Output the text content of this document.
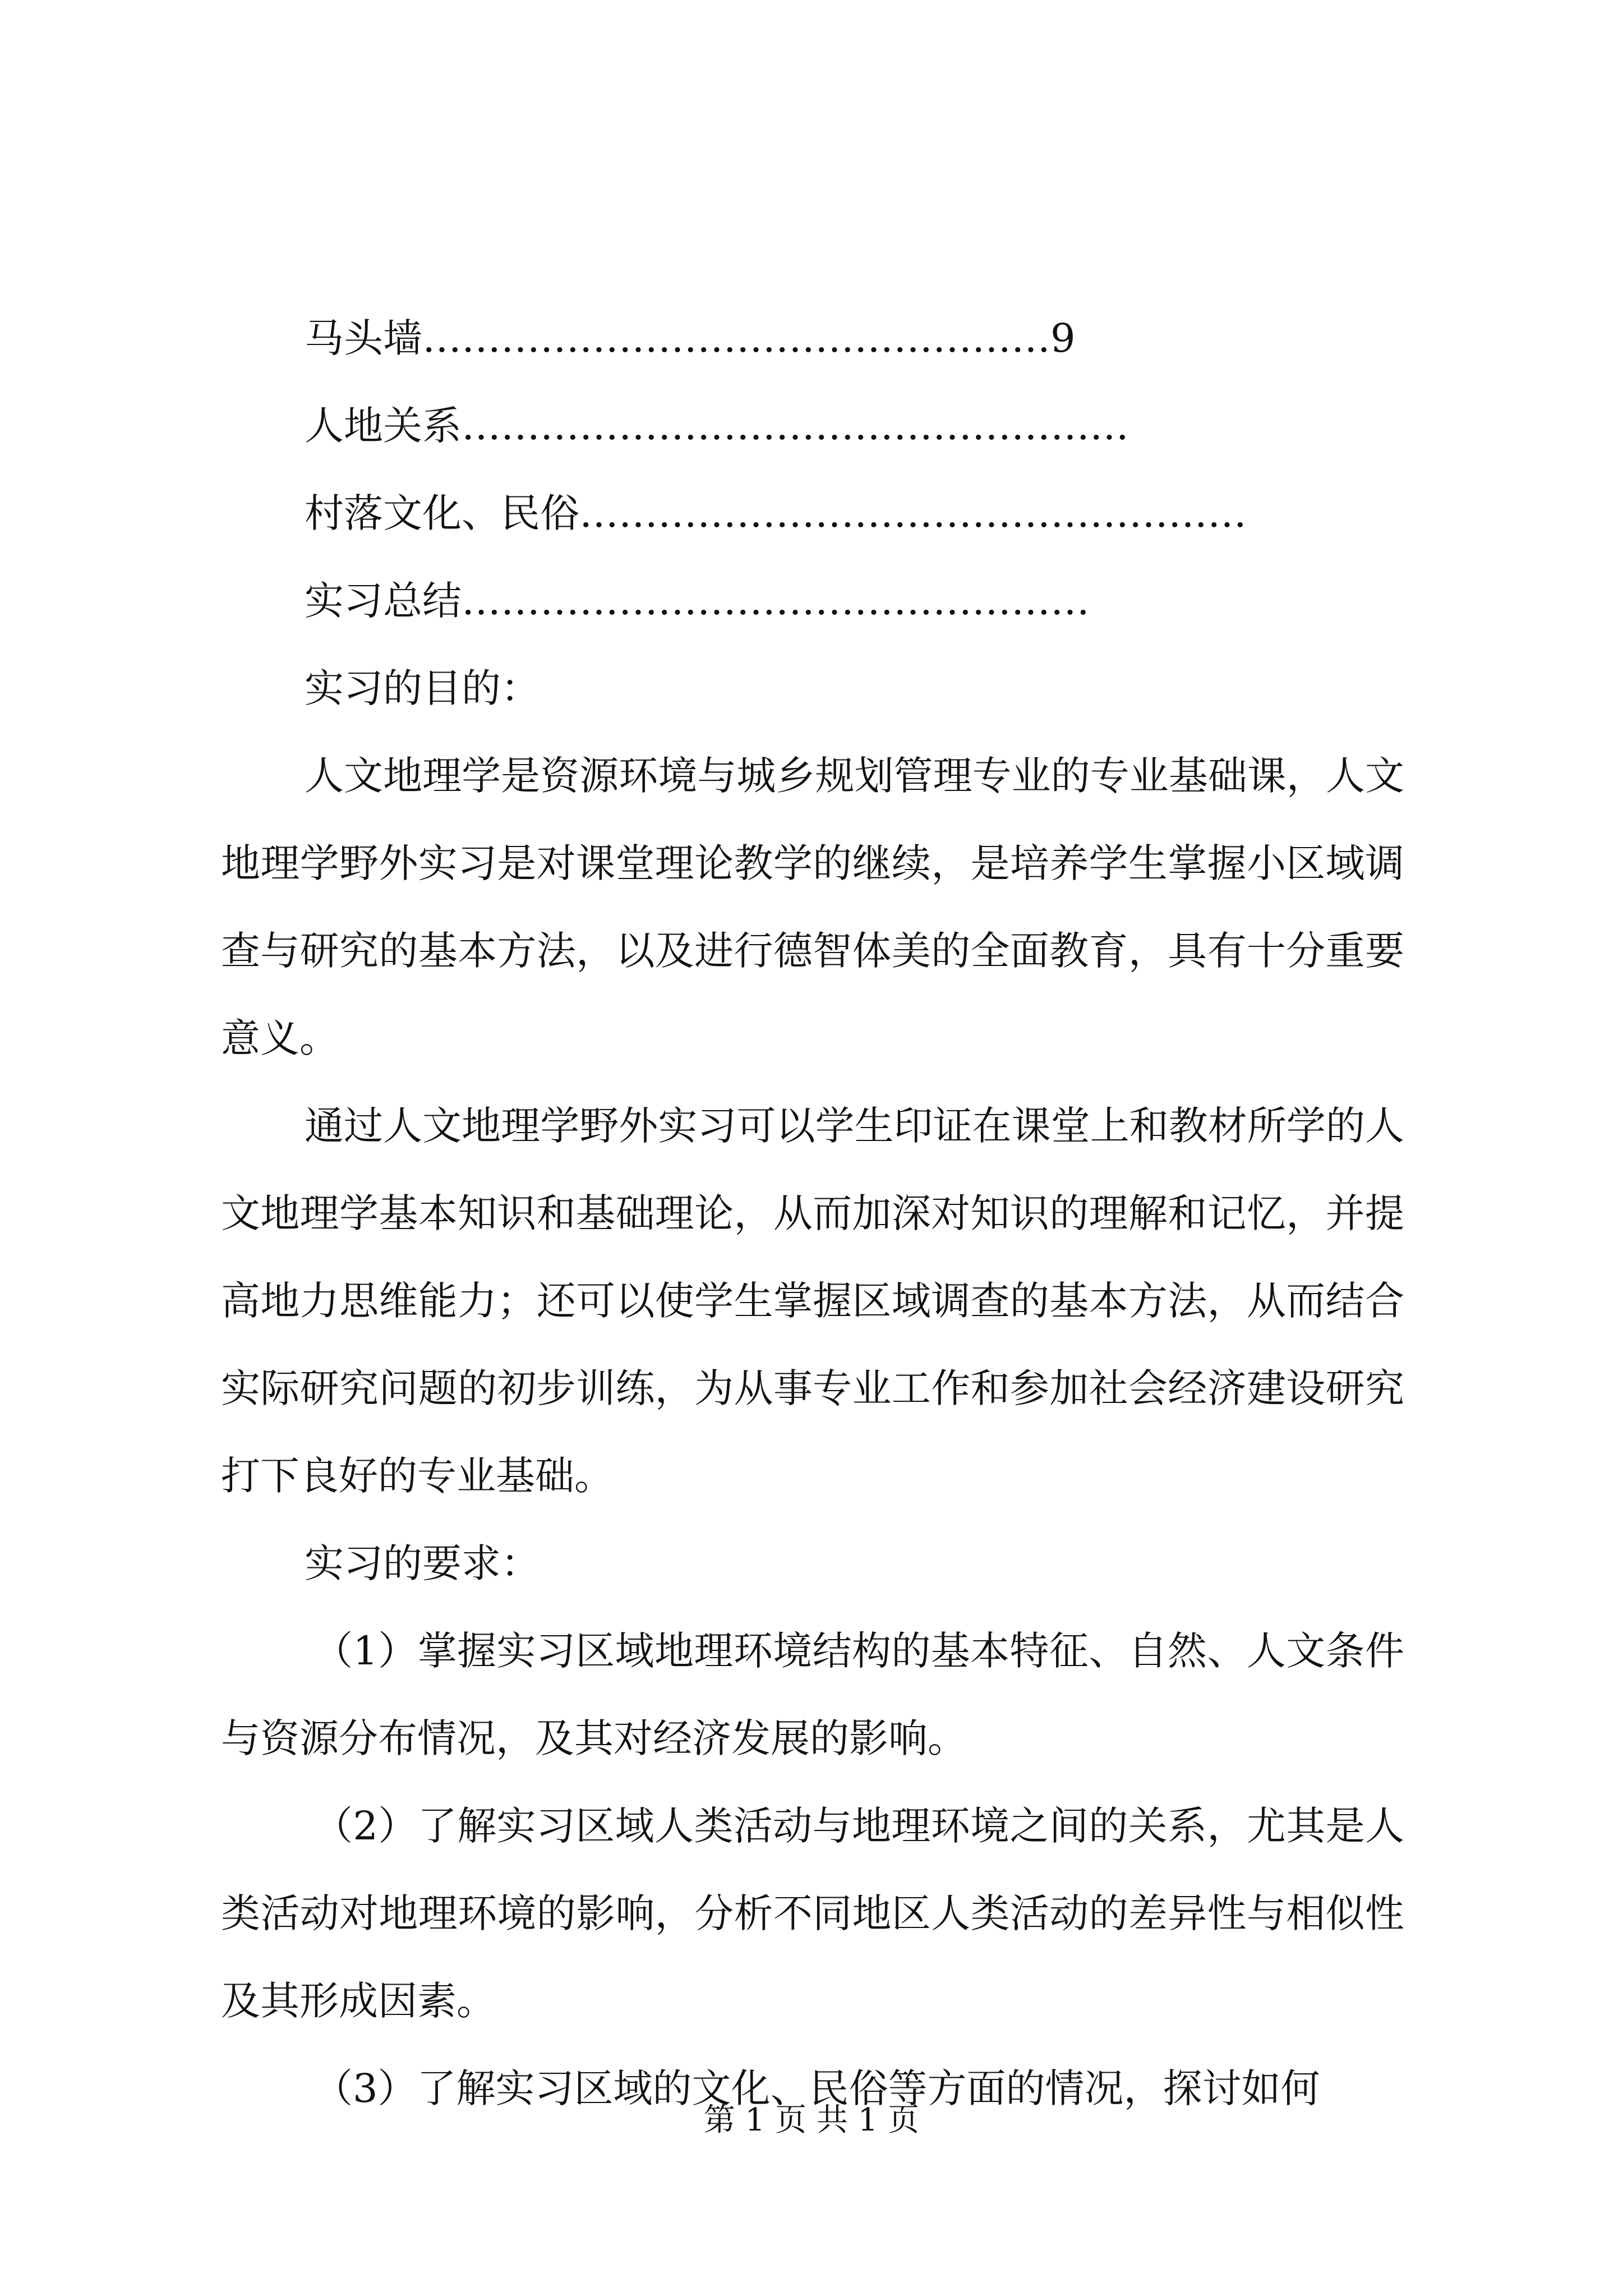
马头墙…………………………………………9

人地关系……………………………………………

村落文化、民俗……………………………………………

实习总结…………………………………………

实习的目的：

人文地理学是资源环境与城乡规划管理专业的专业基础课，人文地理学野外实习是对课堂理论教学的继续，是培养学生掌握小区域调查与研究的基本方法，以及进行德智体美的全面教育，具有十分重要意义。

通过人文地理学野外实习可以学生印证在课堂上和教材所学的人文地理学基本知识和基础理论，从而加深对知识的理解和记忆，并提高地力思维能力；还可以使学生掌握区域调查的基本方法，从而结合实际研究问题的初步训练，为从事专业工作和参加社会经济建设研究打下良好的专业基础。

实习的要求：

（1）掌握实习区域地理环境结构的基本特征、自然、人文条件与资源分布情况，及其对经济发展的影响。

（2）了解实习区域人类活动与地理环境之间的关系，尤其是人类活动对地理环境的影响，分析不同地区人类活动的差异性与相似性及其形成因素。

（3）了解实习区域的文化、民俗等方面的情况，探讨如何

第 1 页 共 1 页
